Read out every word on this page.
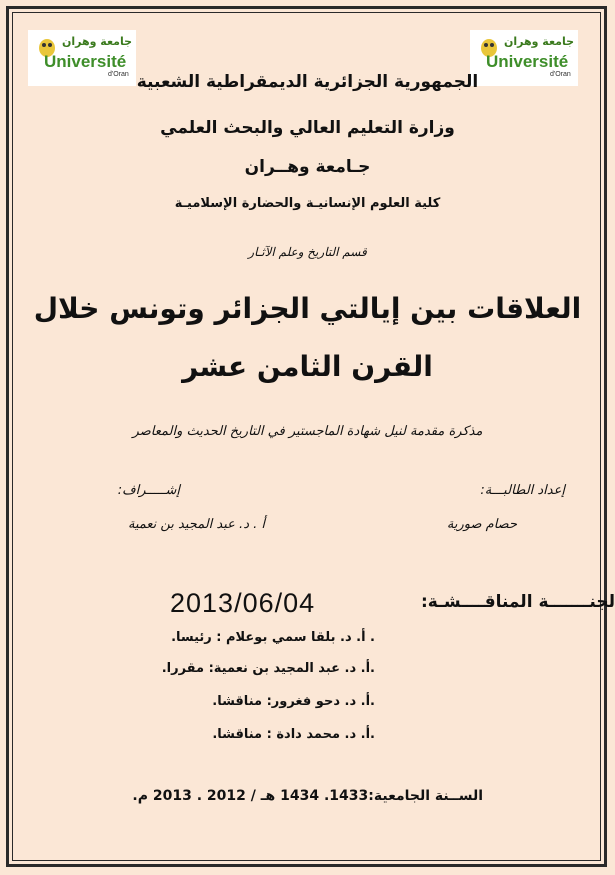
جامعة وهران
Université
d'Oran
جامعة وهران
Université
d'Oran
الجمهورية الجزائرية الديمقراطية الشعبية
وزارة التعليم العالي والبحث العلمي
جـامعة وهــران
كلية العلوم الإنسانيـة والحضارة الإسلاميـة
قسم التاريخ وعلم الآثـار
العلاقات بين إيالتي الجزائر وتونس خلال
القرن الثامن عشر
مذكرة مقدمة لنيل شهادة الماجستير في التاريخ الحديث والمعاصر
إعداد الطالبـــة:
إشـــــراف:
حصام صورية
أ . د. عبد المجيد بن نعمية
لجنـــــــة المناقــــشـة:
2013/06/04
. أ. د. بلقا سمي بوعلام : رئيسا.
.أ. د. عبد المجيد بن نعمية: مقررا.
.أ. د. دحو فغرور: مناقشا.
.أ. د. محمد دادة : مناقشا.
الســنة الجامعية:1433. 1434 هـ / 2012 . 2013 م.
